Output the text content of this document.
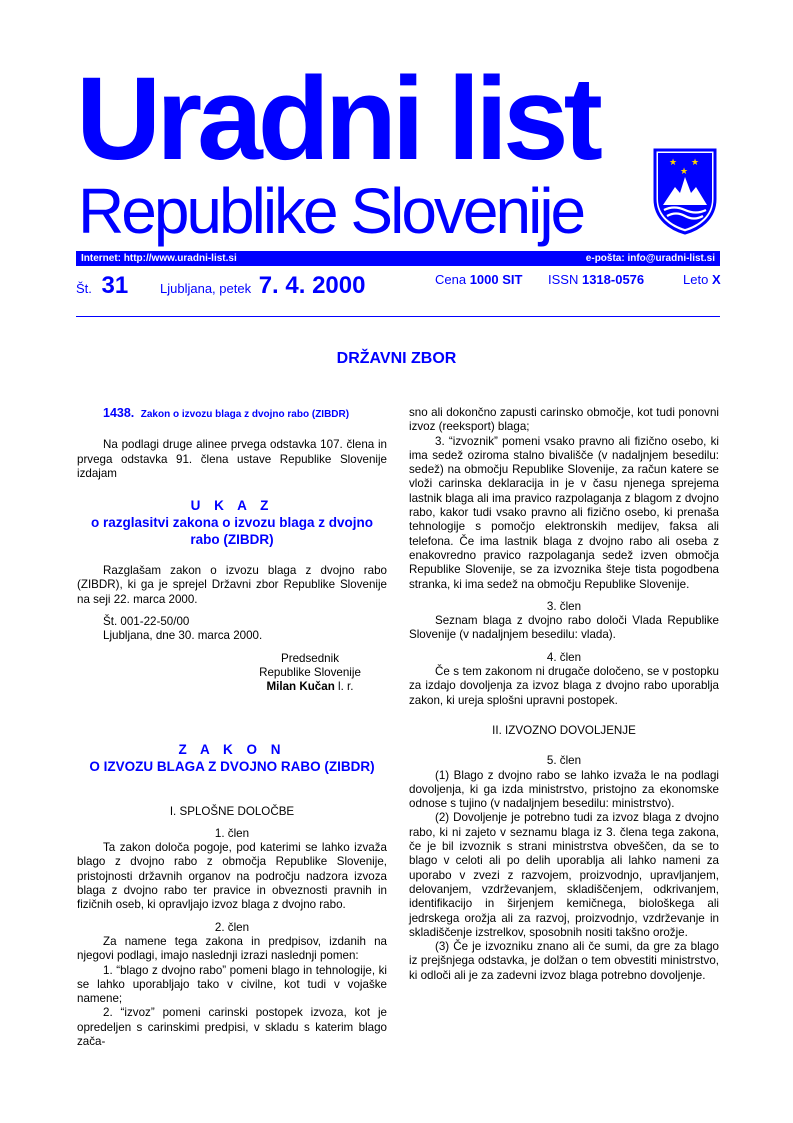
Uradni list
Republike Slovenije
★ ★
★
Internet: http://www.uradni-list.si	e-pošta: info@uradni-list.si
Št. 31 Ljubljana, petek 7. 4. 2000	Cena 1000 SIT ISSN 1318-0576	Leto X
DRŽAVNI ZBOR

1438. Zakon o izvozu blaga z dvojno rabo (ZIBDR)

Na podlagi druge alinee prvega odstavka 107. člena in prvega odstavka 91. člena ustave Republike Slovenije izdajam

U K A Z

o razglasitvi zakona o izvozu blaga z dvojno rabo (ZIBDR)

Razglašam zakon o izvozu blaga z dvojno rabo (ZIBDR), ki ga je sprejel Državni zbor Republike Slovenije na seji 22. marca 2000.

Št. 001-22-50/00

Ljubljana, dne 30. marca 2000.

Predsednik
Republike Slovenije
Milan Kučan l. r.

Z A K O N

O IZVOZU BLAGA Z DVOJNO RABO (ZIBDR)

I. SPLOŠNE DOLOČBE

1. člen

Ta zakon določa pogoje, pod katerimi se lahko izvaža blago z dvojno rabo z območja Republike Slovenije, pristojnosti državnih organov na področju nadzora izvoza blaga z dvojno rabo ter pravice in obveznosti pravnih in fizičnih oseb, ki opravljajo izvoz blaga z dvojno rabo.

2. člen

Za namene tega zakona in predpisov, izdanih na njegovi podlagi, imajo naslednji izrazi naslednji pomen:

1. “blago z dvojno rabo” pomeni blago in tehnologije, ki se lahko uporabljajo tako v civilne, kot tudi v vojaške namene;

2. “izvoz” pomeni carinski postopek izvoza, kot je opredeljen s carinskimi predpisi, v skladu s katerim blago zača-

sno ali dokončno zapusti carinsko območje, kot tudi ponovni izvoz (reeksport) blaga;

3. “izvoznik” pomeni vsako pravno ali fizično osebo, ki ima sedež oziroma stalno bivališče (v nadaljnjem besedilu: sedež) na območju Republike Slovenije, za račun katere se vloži carinska deklaracija in je v času njenega sprejema lastnik blaga ali ima pravico razpolaganja z blagom z dvojno rabo, kakor tudi vsako pravno ali fizično osebo, ki prenaša tehnologije s pomočjo elektronskih medijev, faksa ali telefona. Če ima lastnik blaga z dvojno rabo ali oseba z enakovredno pravico razpolaganja sedež izven območja Republike Slovenije, se za izvoznika šteje tista pogodbena stranka, ki ima sedež na območju Republike Slovenije.

3. člen

Seznam blaga z dvojno rabo določi Vlada Republike Slovenije (v nadaljnjem besedilu: vlada).

4. člen

Če s tem zakonom ni drugače določeno, se v postopku za izdajo dovoljenja za izvoz blaga z dvojno rabo uporablja zakon, ki ureja splošni upravni postopek.

II. IZVOZNO DOVOLJENJE

5. člen

(1) Blago z dvojno rabo se lahko izvaža le na podlagi dovoljenja, ki ga izda ministrstvo, pristojno za ekonomske odnose s tujino (v nadaljnjem besedilu: ministrstvo).

(2) Dovoljenje je potrebno tudi za izvoz blaga z dvojno rabo, ki ni zajeto v seznamu blaga iz 3. člena tega zakona, če je bil izvoznik s strani ministrstva obveščen, da se to blago v celoti ali po delih uporablja ali lahko nameni za uporabo v zvezi z razvojem, proizvodnjo, upravljanjem, delovanjem, vzdrževanjem, skladiščenjem, odkrivanjem, identifikacijo in širjenjem kemičnega, biološkega ali jedrskega orožja ali za razvoj, proizvodnjo, vzdrževanje in skladiščenje izstrelkov, sposobnih nositi takšno orožje.

(3) Če je izvozniku znano ali če sumi, da gre za blago iz prejšnjega odstavka, je dolžan o tem obvestiti ministrstvo, ki odloči ali je za zadevni izvoz blaga potrebno dovoljenje.
